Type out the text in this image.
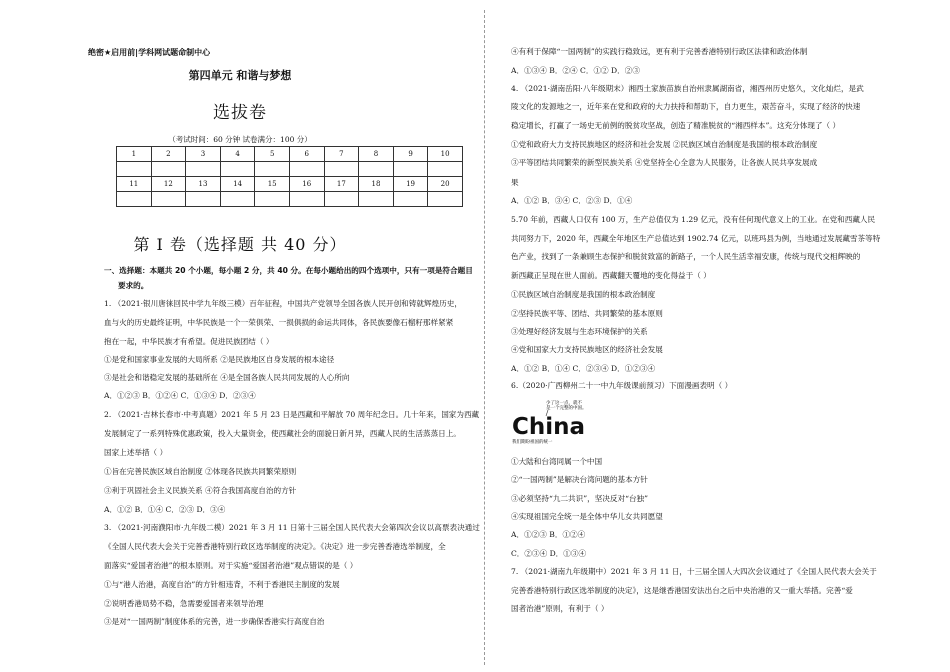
绝密★启用前|学科网试题命制中心
第四单元 和谐与梦想
选拔卷
（考试时间：60 分钟 试卷满分：100 分）
1	2	3	4	5	6	7	8	9	10

11	12	13	14	15	16	17	18	19	20

第 I 卷（选择题 共 40 分）
一、选择题：本题共 20 个小题，每小题 2 分，共 40 分。在每小题给出的四个选项中，只有一项是符合题目
要求的。
1. （2021·银川唐徕回民中学九年级三模）百年征程，中国共产党领导全国各族人民开创和铸就辉煌历史，
血与火的历史最终证明，中华民族是一个一荣俱荣、一损俱损的命运共同体，各民族要像石榴籽那样紧紧
抱在一起，中华民族才有希望。促进民族团结（ ）
①是党和国家事业发展的大局所系 ②是民族地区自身发展的根本途径
③是社会和谐稳定发展的基础所在 ④是全国各族人民共同发展的人心所向
A．①②③ B．①②④ C．①③④ D．②③④
2. （2021·吉林长春市·中考真题）2021 年 5 月 23 日是西藏和平解放 70 周年纪念日。几十年来，国家为西藏
发展制定了一系列特殊优惠政策，投入大量资金，使西藏社会的面貌日新月异，西藏人民的生活蒸蒸日上。
国家上述举措（ ）
①旨在完善民族区域自治制度 ②体现各民族共同繁荣原则
③利于巩固社会主义民族关系 ④符合我国高度自治的方针
A．①② B．①④ C．②③ D．③④
3. （2021·河南濮阳市·九年级二模）2021 年 3 月 11 日第十三届全国人民代表大会第四次会议以高票表决通过
《全国人民代表大会关于完善香港特别行政区选举制度的决定》。《决定》进一步完善香港选举制度，全
面落实“爱国者治港”的根本原则。对于实施“爱国者治港”观点错误的是（ ）
①与“港人治港，高度自治”的方针相违背，不利于香港民主制度的发展
②说明香港局势不稳，急需要爱国者来领导治理
③是对“一国两制”制度体系的完善，进一步确保香港实行高度自治
④有利于保障“一国两制”的实践行稳致远，更有利于完善香港特别行政区法律和政治体制
A．①③④ B．②④ C．①② D．②③
4. （2021·湖南岳阳·八年级期末）湘西土家族苗族自治州隶属湖南省，湘西州历史悠久，文化灿烂，是武
陵文化的发源地之一，近年来在党和政府的大力扶持和帮助下，自力更生，艰苦奋斗，实现了经济的快速
稳定增长，打赢了一场史无前例的脱贫攻坚战，创造了精准脱贫的“湘西样本”。这充分体现了（ ）
①党和政府大力支持民族地区的经济和社会发展 ②民族区域自治制度是我国的根本政治制度
③平等团结共同繁荣的新型民族关系 ④党坚持全心全意为人民服务，让各族人民共享发展成
果
A．①② B．③④ C．②③ D．①④
5.70 年前，西藏人口仅有 100 万，生产总值仅为 1.29 亿元，没有任何现代意义上的工业。在党和西藏人民
共同努力下，2020 年，西藏全年地区生产总值达到 1902.74 亿元，以班玛县为例，当地通过发展藏雪茶等特
色产业，找到了一条兼顾生态保护和脱贫致富的新路子，一个人民生活幸福安康，传统与现代交相辉映的
新西藏正呈现在世人面前。西藏翻天覆地的变化得益于（ ）
①民族区域自治制度是我国的根本政治制度
②坚持民族平等、团结、共同繁荣的基本原则
③处理好经济发展与生态环境保护的关系
④党和国家大力支持民族地区的经济社会发展
A．①② B．①④ C．②③④ D．①②③④
6.（2020·广西柳州二十一中九年级课前预习）下面漫画表明（ ）
①大陆和台湾同属一个中国
②“一国两制”是解决台湾问题的基本方针
③必须坚持“九二共识”，坚决反对“台独”
④实现祖国完全统一是全体中华儿女共同愿望
A．①②③ B．①②④
C．②③④ D．①③④
7. （2021·湖南九年级期中）2021 年 3 月 11 日，十三届全国人大四次会议通过了《全国人民代表大会关于
完善香港特别行政区选举制度的决定》，这是继香港国安法出台之后中央治港的又一重大举措。完善“爱
国者治港”原则，有利于（ ）
少了这一点，就不
是一个完整的中国。
China
我们期盼祖国的统一
